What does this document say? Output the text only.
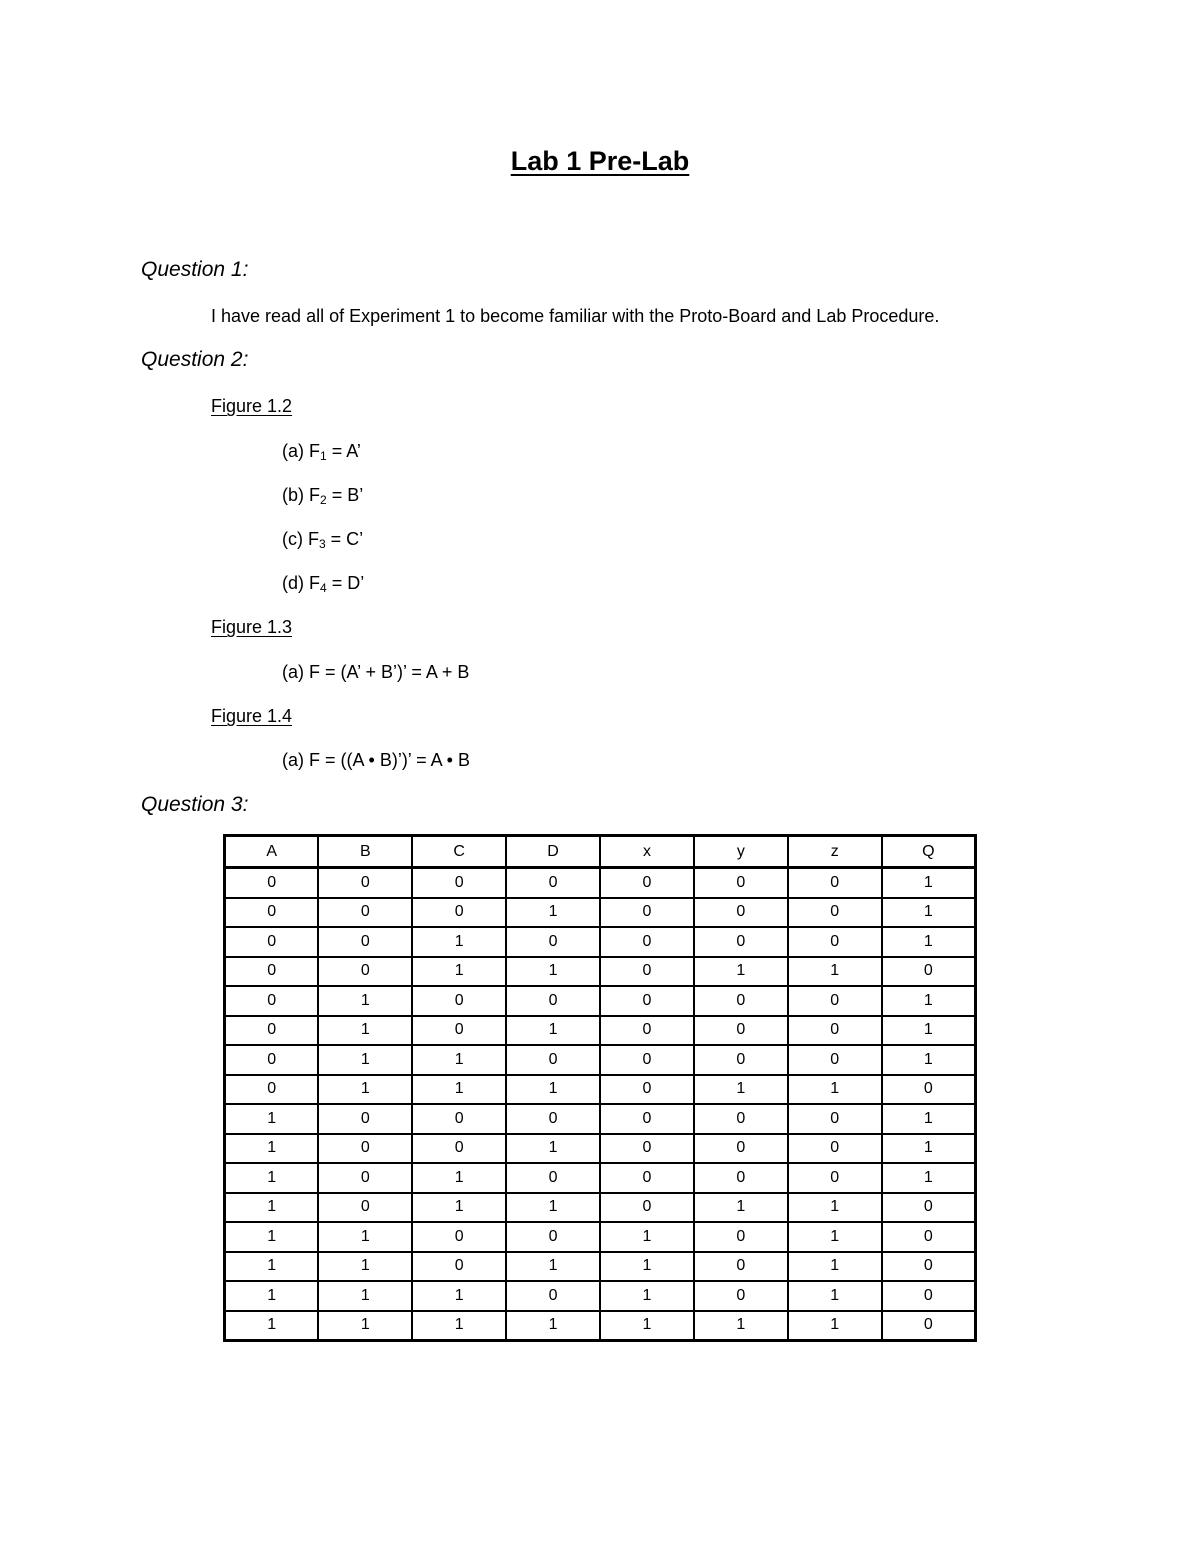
Lab 1 Pre-Lab
Question 1:
I have read all of Experiment 1 to become familiar with the Proto-Board and Lab Procedure.
Question 2:
Figure 1.2
(a) $F_1 = A$’
(b) $F_2 = B$’
(c) $F_3 = C$’
(d) $F_4 = D$’
Figure 1.3
(a) F = (A’ + B’)’ = A + B
Figure 1.4
(a) F = ((A • B)’)’ = A • B
Question 3:
A	B	C	D	x	y	z	Q
0	0	0	0	0	0	0	1
0	0	0	1	0	0	0	1
0	0	1	0	0	0	0	1
0	0	1	1	0	1	1	0
0	1	0	0	0	0	0	1
0	1	0	1	0	0	0	1
0	1	1	0	0	0	0	1
0	1	1	1	0	1	1	0
1	0	0	0	0	0	0	1
1	0	0	1	0	0	0	1
1	0	1	0	0	0	0	1
1	0	1	1	0	1	1	0
1	1	0	0	1	0	1	0
1	1	0	1	1	0	1	0
1	1	1	0	1	0	1	0
1	1	1	1	1	1	1	0
